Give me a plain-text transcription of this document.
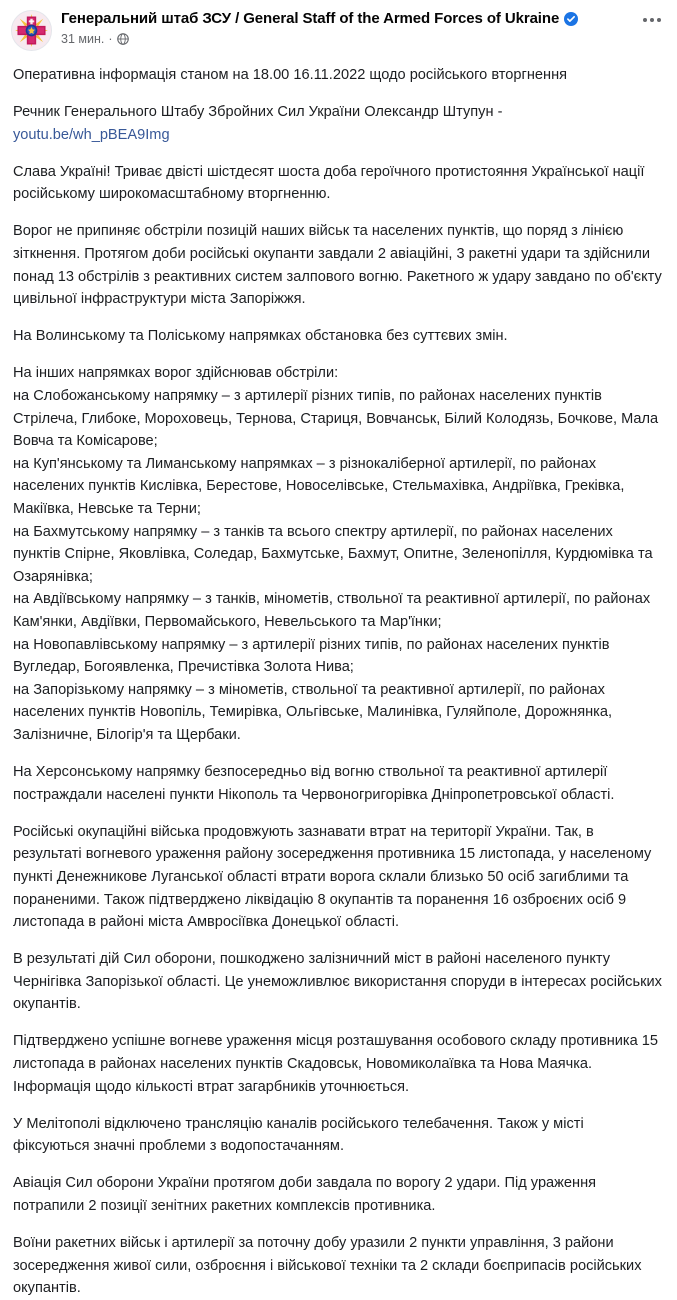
Генеральний штаб ЗСУ / General Staff of the Armed Forces of Ukraine
31 мин. ·

Оперативна інформація станом на 18.00 16.11.2022 щодо російського вторгнення

Речник Генерального Штабу Збройних Сил України Олександр Штупун - youtu.be/wh_pBEA9Img

Слава Україні! Триває двісті шістдесят шоста доба героїчного протистояння Української нації російському широкомасштабному вторгненню.

Ворог не припиняє обстріли позицій наших військ та населених пунктів, що поряд з лінією зіткнення. Протягом доби російські окупанти завдали 2 авіаційні, 3 ракетні удари та здійснили понад 13 обстрілів з реактивних систем залпового вогню. Ракетного ж удару завдано по об'єкту цивільної інфраструктури міста Запоріжжя.

На Волинському та Поліському напрямках обстановка без суттєвих змін.

На інших напрямках ворог здійснював обстріли:

на Слобожанському напрямку – з артилерії різних типів, по районах населених пунктів Стрілеча, Глибоке, Мороховець, Тернова, Стариця, Вовчанськ, Білий Колодязь, Бочкове, Мала Вовча та Комісарове;

на Куп'янському та Лиманському напрямках – з різнокаліберної артилерії, по районах населених пунктів Кислівка, Берестове, Новоселівське, Стельмахівка, Андріївка, Греківка, Макіївка, Невське та Терни;

на Бахмутському напрямку – з танків та всього спектру артилерії, по районах населених пунктів Спірне, Яковлівка, Соледар, Бахмутське, Бахмут, Опитне, Зеленопілля, Курдюмівка та Озарянівка;

на Авдіївському напрямку – з танків, мінометів, ствольної та реактивної артилерії, по районах Кам'янки, Авдіївки, Первомайського, Невельського та Мар'їнки;

на Новопавлівському напрямку – з артилерії різних типів, по районах населених пунктів Вугледар, Богоявленка, Пречистівка Золота Нива;

на Запорізькому напрямку – з мінометів, ствольної та реактивної артилерії, по районах населених пунктів Новопіль, Темирівка, Ольгівське, Малинівка, Гуляйполе, Дорожнянка, Залізничне, Білогір'я та Щербаки.

На Херсонському напрямку безпосередньо від вогню ствольної та реактивної артилерії постраждали населені пункти Нікополь та Червоногригорівка Дніпропетровської області.

Російські окупаційні війська продовжують зазнавати втрат на території України. Так, в результаті вогневого ураження району зосередження противника 15 листопада, у населеному пункті Денежникове Луганської області втрати ворога склали близько 50 осіб загиблими та пораненими. Також підтверджено ліквідацію 8 окупантів та поранення 16 озброєних осіб 9 листопада в районі міста Амвросіївка Донецької області.

В результаті дій Сил оборони, пошкоджено залізничний міст в районі населеного пункту Чернігівка Запорізької області. Це унеможливлює використання споруди в інтересах російських окупантів.

Підтверджено успішне вогневе ураження місця розташування особового складу противника 15 листопада в районах населених пунктів Скадовськ, Новомиколаївка та Нова Маячка. Інформація щодо кількості втрат загарбників уточнюється.

У Мелітополі відключено трансляцію каналів російського телебачення. Також у місті фіксуються значні проблеми з водопостачанням.

Авіація Сил оборони України протягом доби завдала по ворогу 2 удари. Під ураження потрапили 2 позиції зенітних ракетних комплексів противника.

Воїни ракетних військ і артилерії за поточну добу уразили 2 пункти управління, 3 райони зосередження живої сили, озброєння і військової техніки та 2 склади боєприпасів російських окупантів.
